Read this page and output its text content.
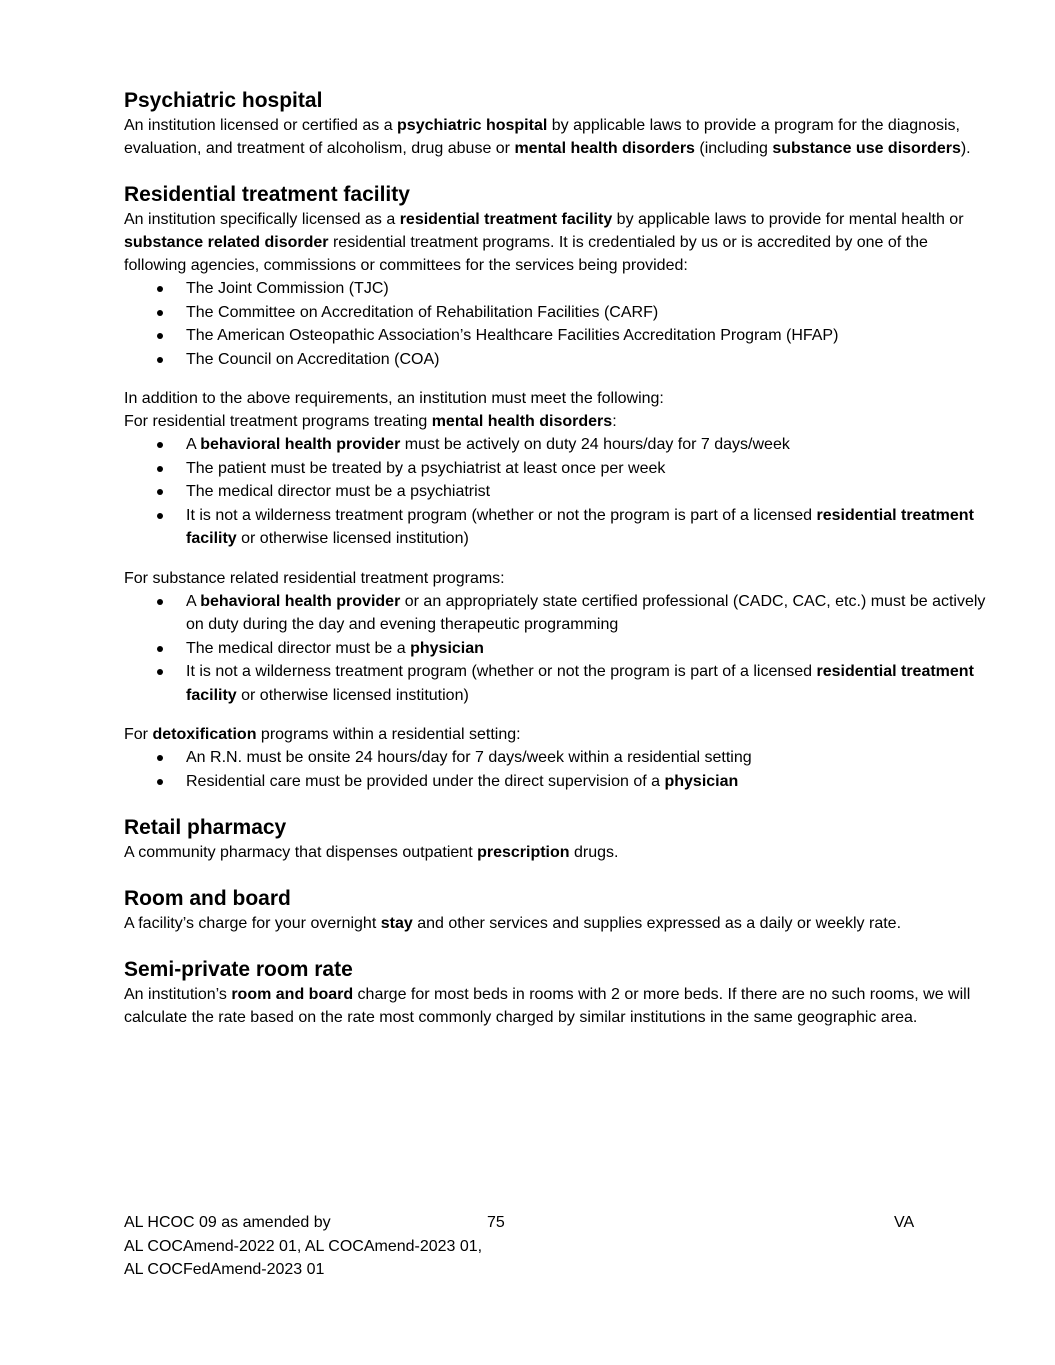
Psychiatric hospital

An institution licensed or certified as a psychiatric hospital by applicable laws to provide a program for the diagnosis, evaluation, and treatment of alcoholism, drug abuse or mental health disorders (including substance use disorders).

Residential treatment facility

An institution specifically licensed as a residential treatment facility by applicable laws to provide for mental health or substance related disorder residential treatment programs. It is credentialed by us or is accredited by one of the following agencies, commissions or committees for the services being provided:

The Joint Commission (TJC)
The Committee on Accreditation of Rehabilitation Facilities (CARF)
The American Osteopathic Association’s Healthcare Facilities Accreditation Program (HFAP)
The Council on Accreditation (COA)

In addition to the above requirements, an institution must meet the following:

For residential treatment programs treating mental health disorders:

A behavioral health provider must be actively on duty 24 hours/day for 7 days/week
The patient must be treated by a psychiatrist at least once per week
The medical director must be a psychiatrist
It is not a wilderness treatment program (whether or not the program is part of a licensed residential treatment facility or otherwise licensed institution)

For substance related residential treatment programs:

A behavioral health provider or an appropriately state certified professional (CADC, CAC, etc.) must be actively on duty during the day and evening therapeutic programming
The medical director must be a physician
It is not a wilderness treatment program (whether or not the program is part of a licensed residential treatment facility or otherwise licensed institution)

For detoxification programs within a residential setting:

An R.N. must be onsite 24 hours/day for 7 days/week within a residential setting
Residential care must be provided under the direct supervision of a physician
Retail pharmacy

A community pharmacy that dispenses outpatient prescription drugs.

Room and board

A facility’s charge for your overnight stay and other services and supplies expressed as a daily or weekly rate.

Semi-private room rate

An institution’s room and board charge for most beds in rooms with 2 or more beds. If there are no such rooms, we will calculate the rate based on the rate most commonly charged by similar institutions in the same geographic area.

AL HCOC 09 as amended by	75	VA
AL COCAmend-2022 01, AL COCAmend-2023 01,
AL COCFedAmend-2023 01
